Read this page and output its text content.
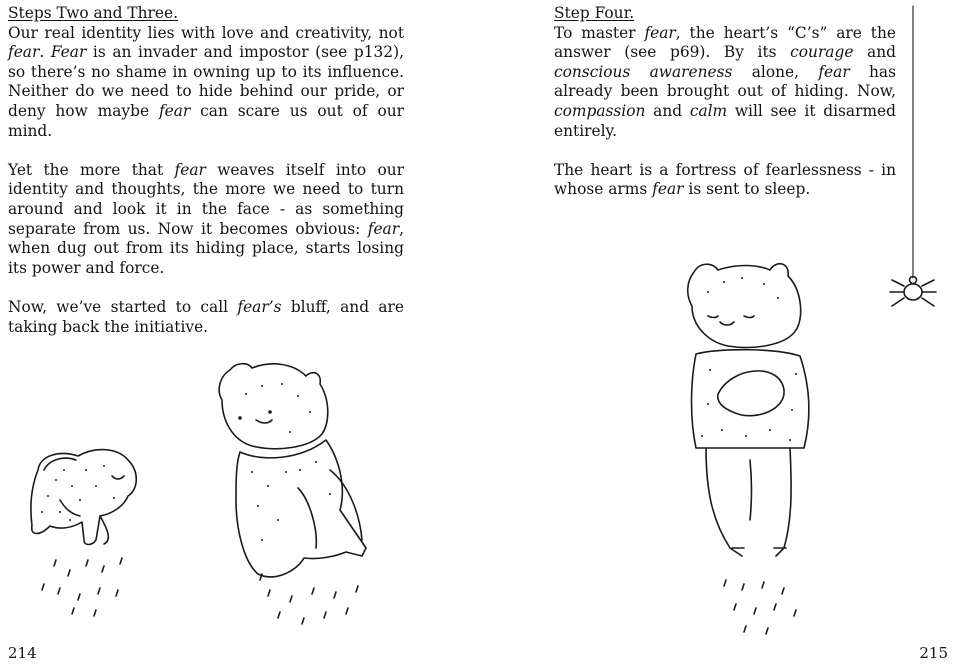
Steps Two and Three.

Our real identity lies with love and creativity, not fear. Fear is an invader and impostor (see p132), so there’s no shame in owning up to its influence. Neither do we need to hide behind our pride, or deny how maybe fear can scare us out of our mind.

Yet the more that fear weaves itself into our identity and thoughts, the more we need to turn around and look it in the face - as something separate from us. Now it becomes obvious: fear, when dug out from its hiding place, starts losing its power and force.

Now, we’ve started to call fear’s bluff, and are taking back the initiative.

214
Step Four.

To master fear, the heart’s “C’s” are the answer (see p69). By its courage and conscious awareness alone, fear has already been brought out of hiding. Now, compassion and calm will see it disarmed entirely.

The heart is a fortress of fearlessness - in whose arms fear is sent to sleep.

215
